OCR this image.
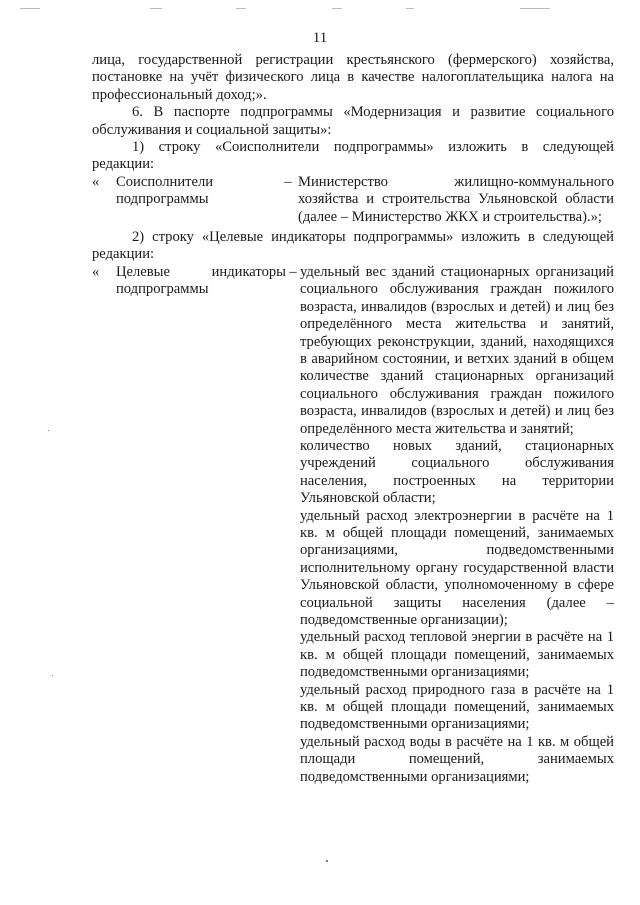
11

лица, государственной регистрации крестьянского (фермерского) хозяйства, постановке на учёт физического лица в качестве налогоплательщика налога на профессиональный доход;».

6. В паспорте подпрограммы «Модернизация и развитие социального обслуживания и социальной защиты»:

1) строку «Соисполнители подпрограммы» изложить в следующей редакции:

«	Соисполнители подпрограммы
– Министерство жилищно-коммунального хозяйства и строительства Ульяновской области (далее – Министерство ЖКХ и строительства).»;

2) строку «Целевые индикаторы подпрограммы» изложить в следующей редакции:

«	Целевые индикаторы подпрограммы
– удельный вес зданий стационарных организаций социального обслуживания граждан пожилого возраста, инвалидов (взрослых и детей) и лиц без определённого места жительства и занятий, требующих реконструкции, зданий, находящихся в аварийном состоянии, и ветхих зданий в общем количестве зданий стационарных организаций социального обслуживания граждан пожилого возраста, инвалидов (взрослых и детей) и лиц без определённого места жительства и занятий;

количество новых зданий, стационарных учреждений социального обслуживания населения, построенных на территории Ульяновской области;

удельный расход электроэнергии в расчёте на 1 кв. м общей площади помещений, занимаемых организациями, подведомственными исполнительному органу государственной власти Ульяновской области, уполномоченному в сфере социальной защиты населения (далее – подведомственные организации);

удельный расход тепловой энергии в расчёте на 1 кв. м общей площади помещений, занимаемых подведомственными организациями;

удельный расход природного газа в расчёте на 1 кв. м общей площади помещений, занимаемых подведомственными организациями;

удельный расход воды в расчёте на 1 кв. м общей площади помещений, занимаемых подведомственными организациями;
